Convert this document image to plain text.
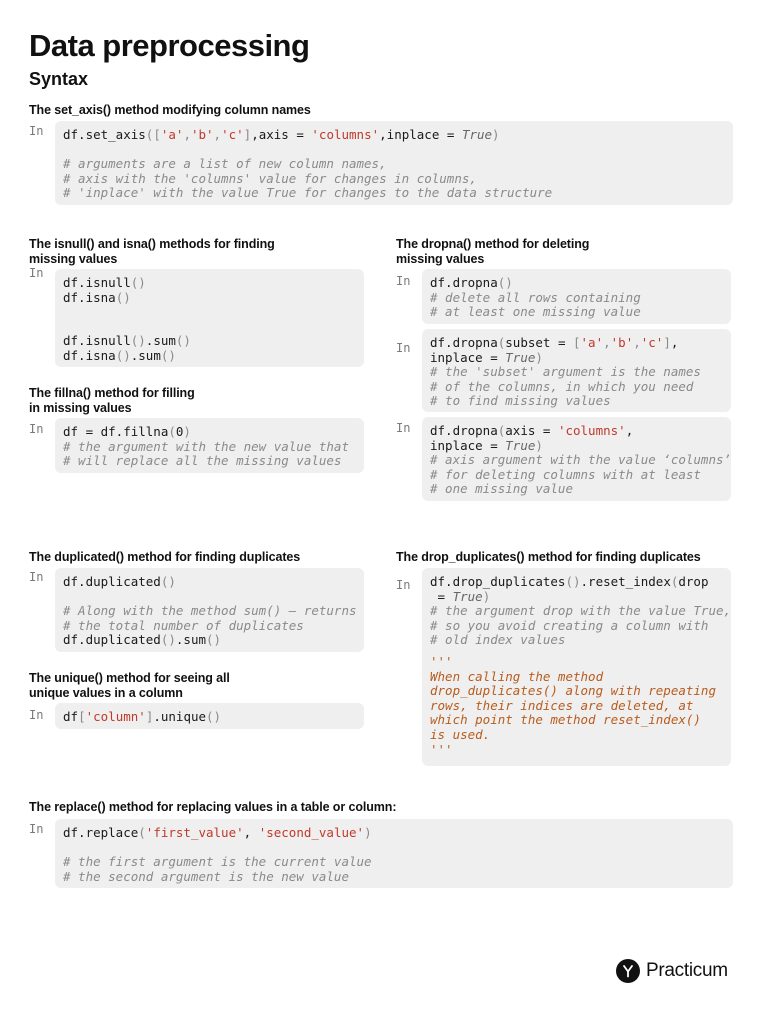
Data preprocessing
Syntax
The set_axis() method modifying column names
In df.set_axis(['a','b','c'],axis = 'columns',inplace = True)
# arguments are a list of new column names,
# axis with the 'columns' value for changes in columns,
# 'inplace' with the value True for changes to the data structure
The isnull() and isna() methods for finding
missing values
In
df.isnull()
df.isna()
df.isnull().sum()
df.isna().sum()
The fillna() method for filling
in missing values
In df = df.fillna(0)
# the argument with the new value that
# will replace all the missing values
The dropna() method for deleting
missing values
In df.dropna()
# delete all rows containing
# at least one missing value
In df.dropna(subset = ['a','b','c'],
inplace = True)
# the 'subset' argument is the names
# of the columns, in which you need
# to find missing values
In df.dropna(axis = 'columns',
inplace = True)
# axis argument with the value ‘columns’
# for deleting columns with at least
# one missing value
The duplicated() method for finding duplicates
In df.duplicated()
# Along with the method sum() – returns
# the total number of duplicates
df.duplicated().sum()
The unique() method for seeing all
unique values in a column
In df['column'].unique()
The drop_duplicates() method for finding duplicates
In df.drop_duplicates().reset_index(drop
= True)
# the argument drop with the value True,
# so you avoid creating a column with
# old index values
'''
When calling the method
drop_duplicates() along with repeating
rows, their indices are deleted, at
which point the method reset_index()
is used.
'''
The replace() method for replacing values in a table or column:
In df.replace('first_value', 'second_value')
# the first argument is the current value
# the second argument is the new value
Practicum
